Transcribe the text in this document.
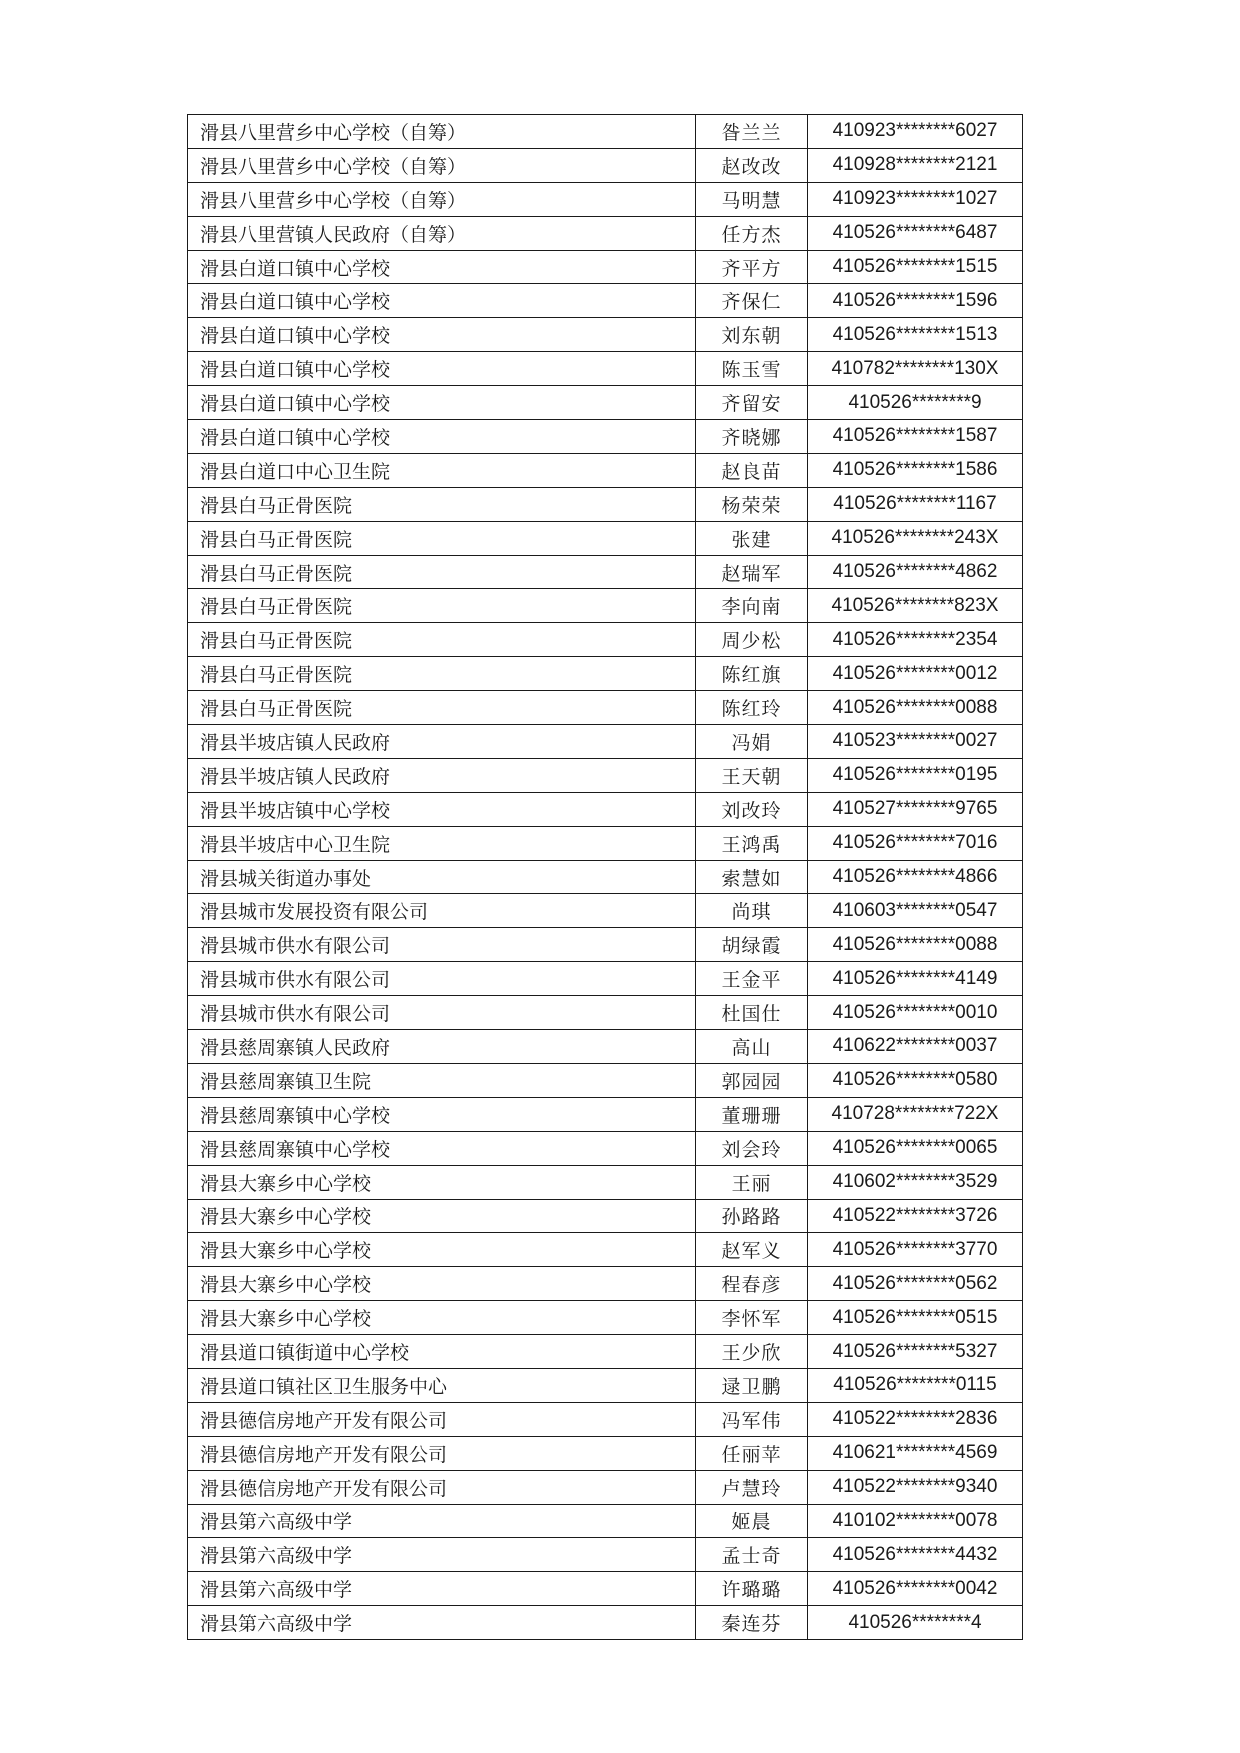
滑县八里营乡中心学校（自筹）	昝兰兰	410923********6027
滑县八里营乡中心学校（自筹）	赵改改	410928********2121
滑县八里营乡中心学校（自筹）	马明慧	410923********1027
滑县八里营镇人民政府（自筹）	任方杰	410526********6487
滑县白道口镇中心学校	齐平方	410526********1515
滑县白道口镇中心学校	齐保仁	410526********1596
滑县白道口镇中心学校	刘东朝	410526********1513
滑县白道口镇中心学校	陈玉雪	410782********130X
滑县白道口镇中心学校	齐留安	410526********9
滑县白道口镇中心学校	齐晓娜	410526********1587
滑县白道口中心卫生院	赵良苗	410526********1586
滑县白马正骨医院	杨荣荣	410526********1167
滑县白马正骨医院	张建	410526********243X
滑县白马正骨医院	赵瑞军	410526********4862
滑县白马正骨医院	李向南	410526********823X
滑县白马正骨医院	周少松	410526********2354
滑县白马正骨医院	陈红旗	410526********0012
滑县白马正骨医院	陈红玲	410526********0088
滑县半坡店镇人民政府	冯娟	410523********0027
滑县半坡店镇人民政府	王天朝	410526********0195
滑县半坡店镇中心学校	刘改玲	410527********9765
滑县半坡店中心卫生院	王鸿禹	410526********7016
滑县城关街道办事处	索慧如	410526********4866
滑县城市发展投资有限公司	尚琪	410603********0547
滑县城市供水有限公司	胡绿霞	410526********0088
滑县城市供水有限公司	王金平	410526********4149
滑县城市供水有限公司	杜国仕	410526********0010
滑县慈周寨镇人民政府	高山	410622********0037
滑县慈周寨镇卫生院	郭园园	410526********0580
滑县慈周寨镇中心学校	董珊珊	410728********722X
滑县慈周寨镇中心学校	刘会玲	410526********0065
滑县大寨乡中心学校	王丽	410602********3529
滑县大寨乡中心学校	孙路路	410522********3726
滑县大寨乡中心学校	赵军义	410526********3770
滑县大寨乡中心学校	程春彦	410526********0562
滑县大寨乡中心学校	李怀军	410526********0515
滑县道口镇街道中心学校	王少欣	410526********5327
滑县道口镇社区卫生服务中心	逯卫鹏	410526********0115
滑县德信房地产开发有限公司	冯军伟	410522********2836
滑县德信房地产开发有限公司	任丽苹	410621********4569
滑县德信房地产开发有限公司	卢慧玲	410522********9340
滑县第六高级中学	姬晨	410102********0078
滑县第六高级中学	孟士奇	410526********4432
滑县第六高级中学	许璐璐	410526********0042
滑县第六高级中学	秦连芬	410526********4
